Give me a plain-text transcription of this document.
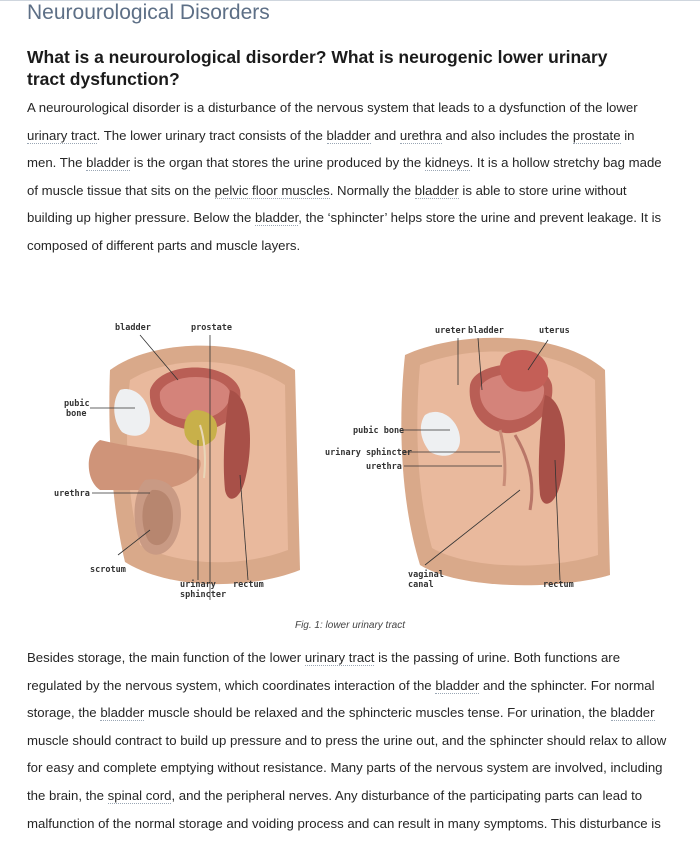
Neurourological Disorders
What is a neurourological disorder? What is neurogenic lower urinary tract dysfunction?

A neurourological disorder is a disturbance of the nervous system that leads to a dysfunction of the lower urinary tract. The lower urinary tract consists of the bladder and urethra and also includes the prostate in men. The bladder is the organ that stores the urine produced by the kidneys. It is a hollow stretchy bag made of muscle tissue that sits on the pelvic floor muscles. Normally the bladder is able to store urine without building up higher pressure. Below the bladder, the ‘sphincter’ helps store the urine and prevent leakage. It is composed of different parts and muscle layers.

bladder	prostate
pubic
bone
urethra
scrotum
urinary
sphincter
rectum
ureter bladder	uterus
pubic bone
urinary sphincter
urethra
vaginal
canal	rectum
Fig. 1: lower urinary tract

Besides storage, the main function of the lower urinary tract is the passing of urine. Both functions are regulated by the nervous system, which coordinates interaction of the bladder and the sphincter. For normal storage, the bladder muscle should be relaxed and the sphincteric muscles tense. For urination, the bladder muscle should contract to build up pressure and to press the urine out, and the sphincter should relax to allow for easy and complete emptying without resistance. Many parts of the nervous system are involved, including the brain, the spinal cord, and the peripheral nerves. Any disturbance of the participating parts can lead to malfunction of the normal storage and voiding process and can result in many symptoms. This disturbance is
